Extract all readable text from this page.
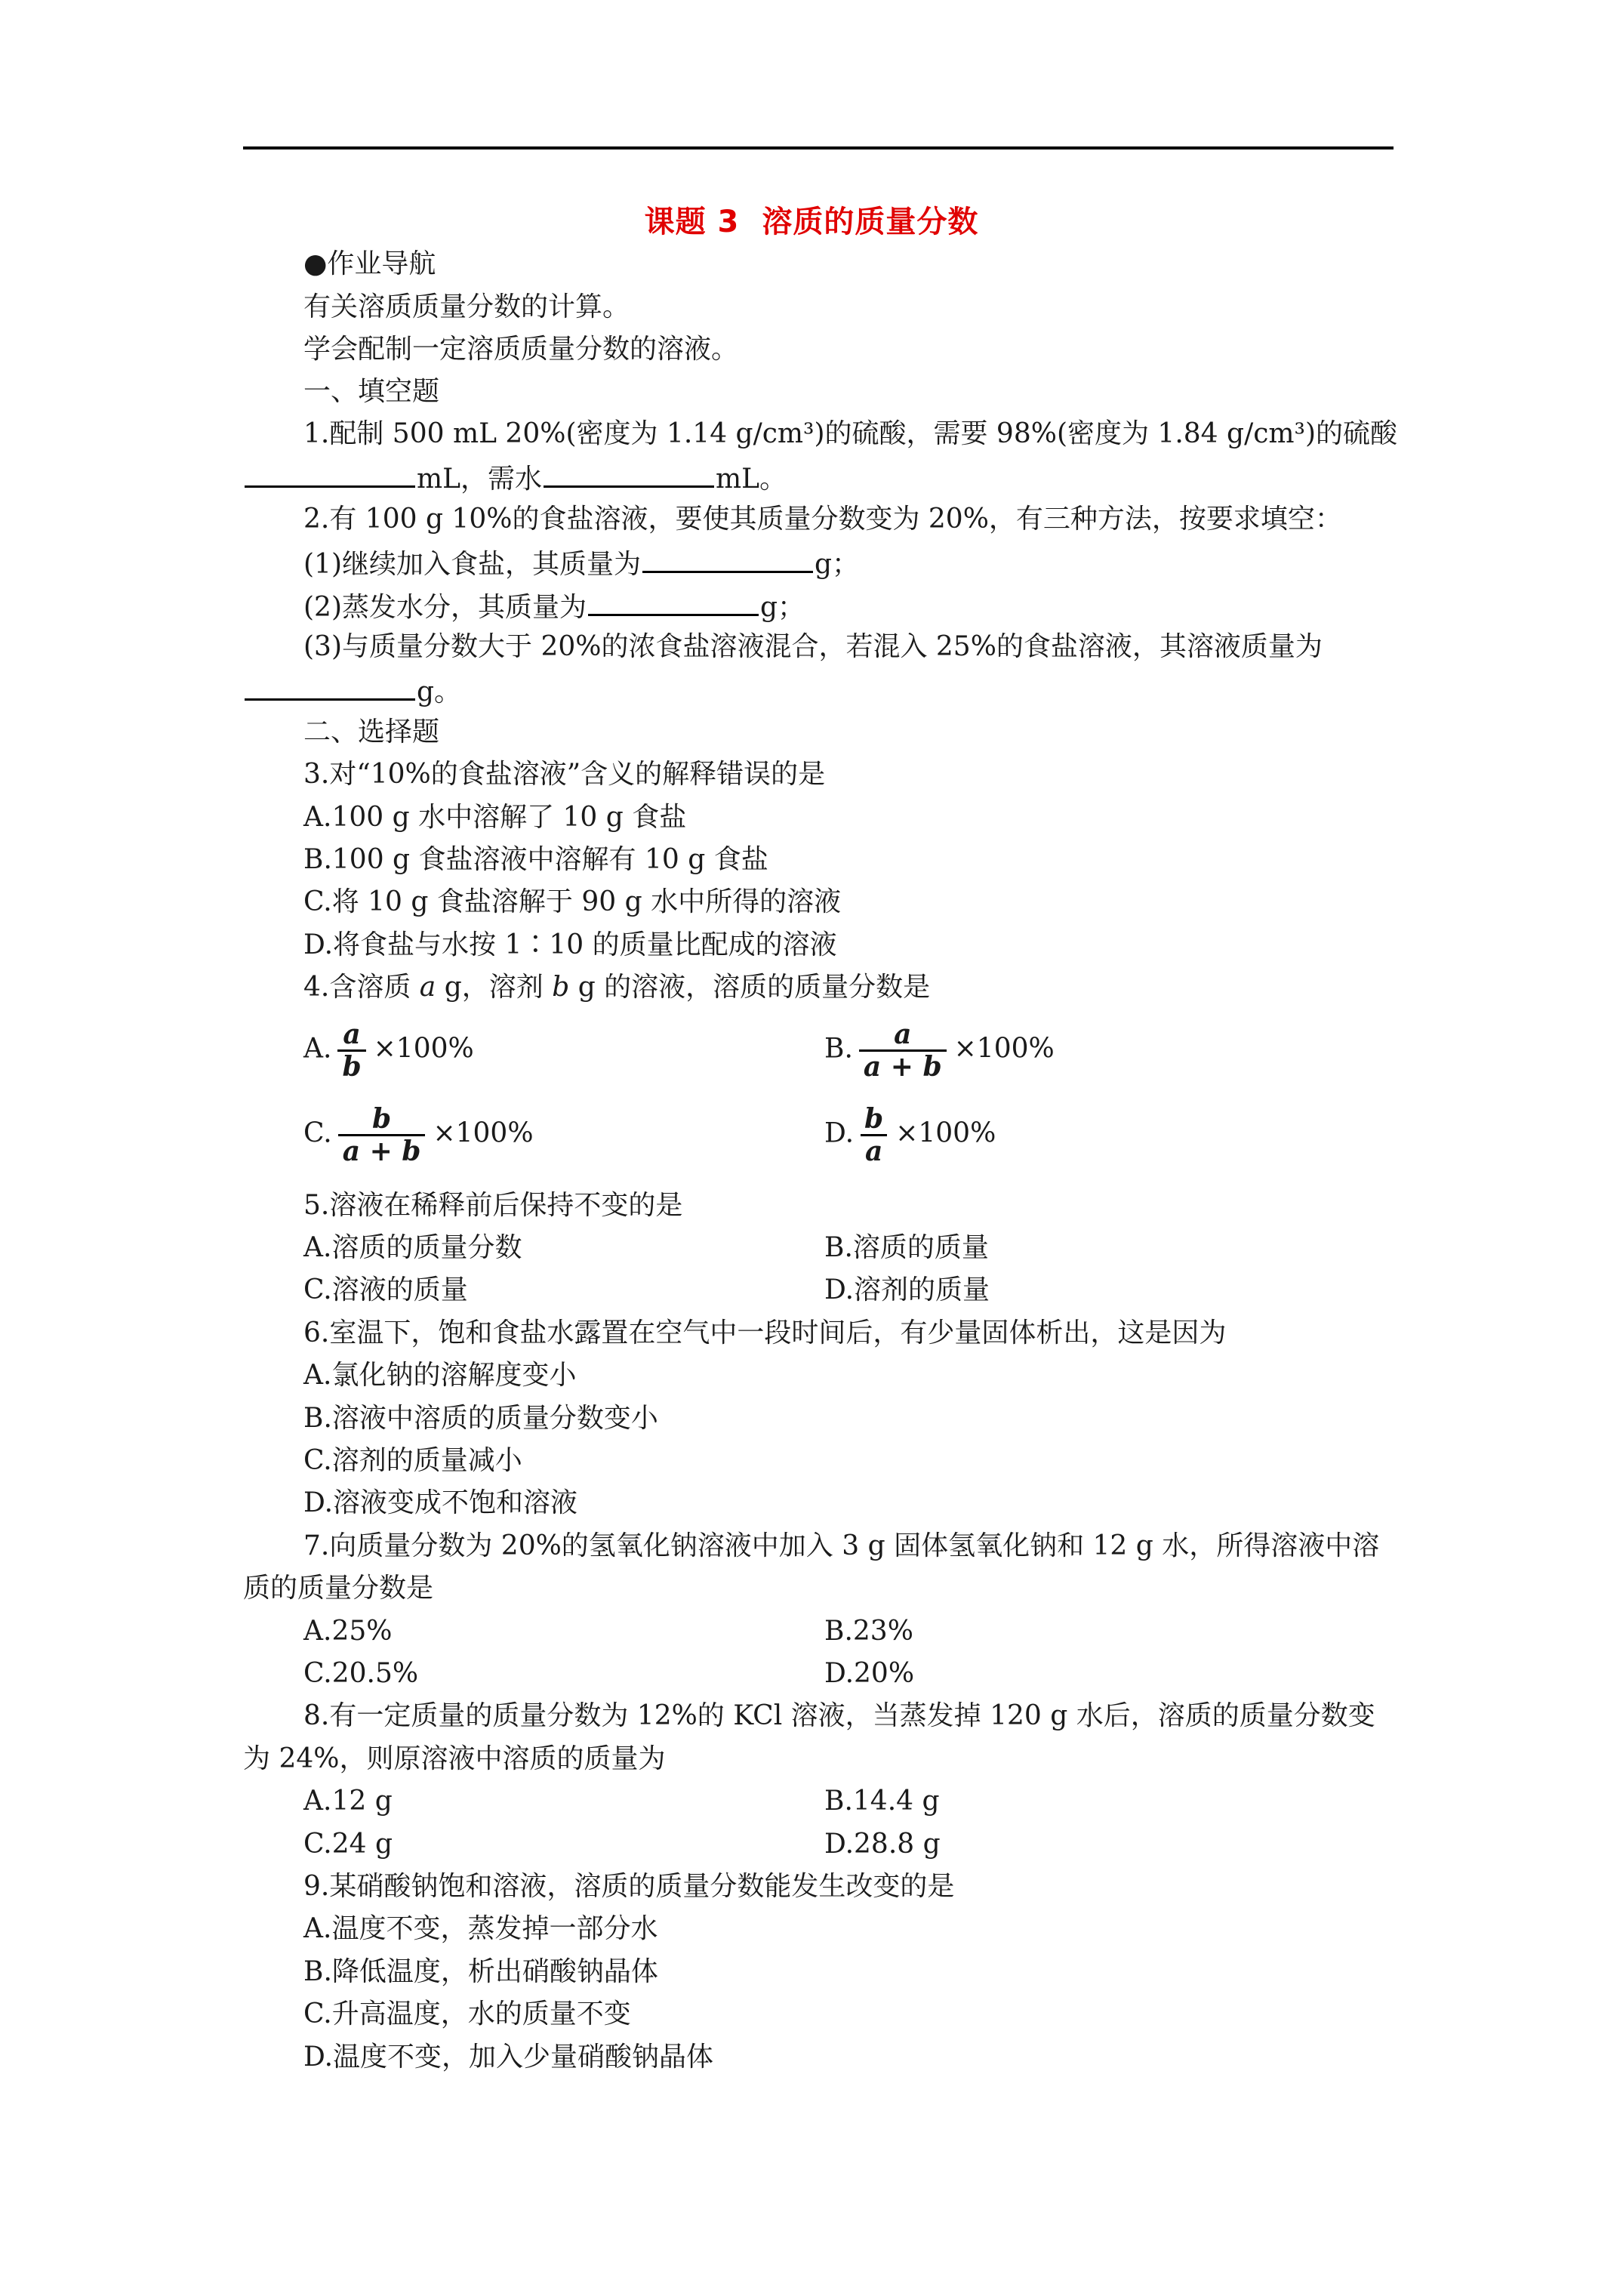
课题 3 溶质的质量分数
●作业导航
有关溶质质量分数的计算。
学会配制一定溶质质量分数的溶液。
一、填空题
1.配制 500 mL 20%(密度为 1.14 g/cm³)的硫酸，需要 98%(密度为 1.84 g/cm³)的硫酸
mL，需水	mL。
2.有 100 g 10%的食盐溶液，要使其质量分数变为 20%，有三种方法，按要求填空：
(1)继续加入食盐，其质量为	g；
(2)蒸发水分，其质量为	g；
(3)与质量分数大于 20%的浓食盐溶液混合，若混入 25%的食盐溶液，其溶液质量为
g。
二、选择题
3.对“10%的食盐溶液”含义的解释错误的是
A.100 g 水中溶解了 10 g 食盐
B.100 g 食盐溶液中溶解有 10 g 食盐
C.将 10 g 食盐溶解于 90 g 水中所得的溶液
D.将食盐与水按 1∶10 的质量比配成的溶液
4.含溶质 a g，溶剂 b g 的溶液，溶质的质量分数是
A. $\frac{a}{b} \times 100\%$	B. $\frac{a}{a + b} \times 100\%$
C. $\frac{b}{a + b} \times 100\%$	D. $\frac{b}{a} \times 100\%$
5.溶液在稀释前后保持不变的是
A.溶质的质量分数	B.溶质的质量
C.溶液的质量	D.溶剂的质量
6.室温下，饱和食盐水露置在空气中一段时间后，有少量固体析出，这是因为
A.氯化钠的溶解度变小
B.溶液中溶质的质量分数变小
C.溶剂的质量减小
D.溶液变成不饱和溶液
7.向质量分数为 20%的氢氧化钠溶液中加入 3 g 固体氢氧化钠和 12 g 水，所得溶液中溶
质的质量分数是
A.25%	B.23%
C.20.5%	D.20%
8.有一定质量的质量分数为 12%的 KCl 溶液，当蒸发掉 120 g 水后，溶质的质量分数变
为 24%，则原溶液中溶质的质量为
A.12 g	B.14.4 g
C.24 g	D.28.8 g
9.某硝酸钠饱和溶液，溶质的质量分数能发生改变的是
A.温度不变，蒸发掉一部分水
B.降低温度，析出硝酸钠晶体
C.升高温度，水的质量不变
D.温度不变，加入少量硝酸钠晶体
